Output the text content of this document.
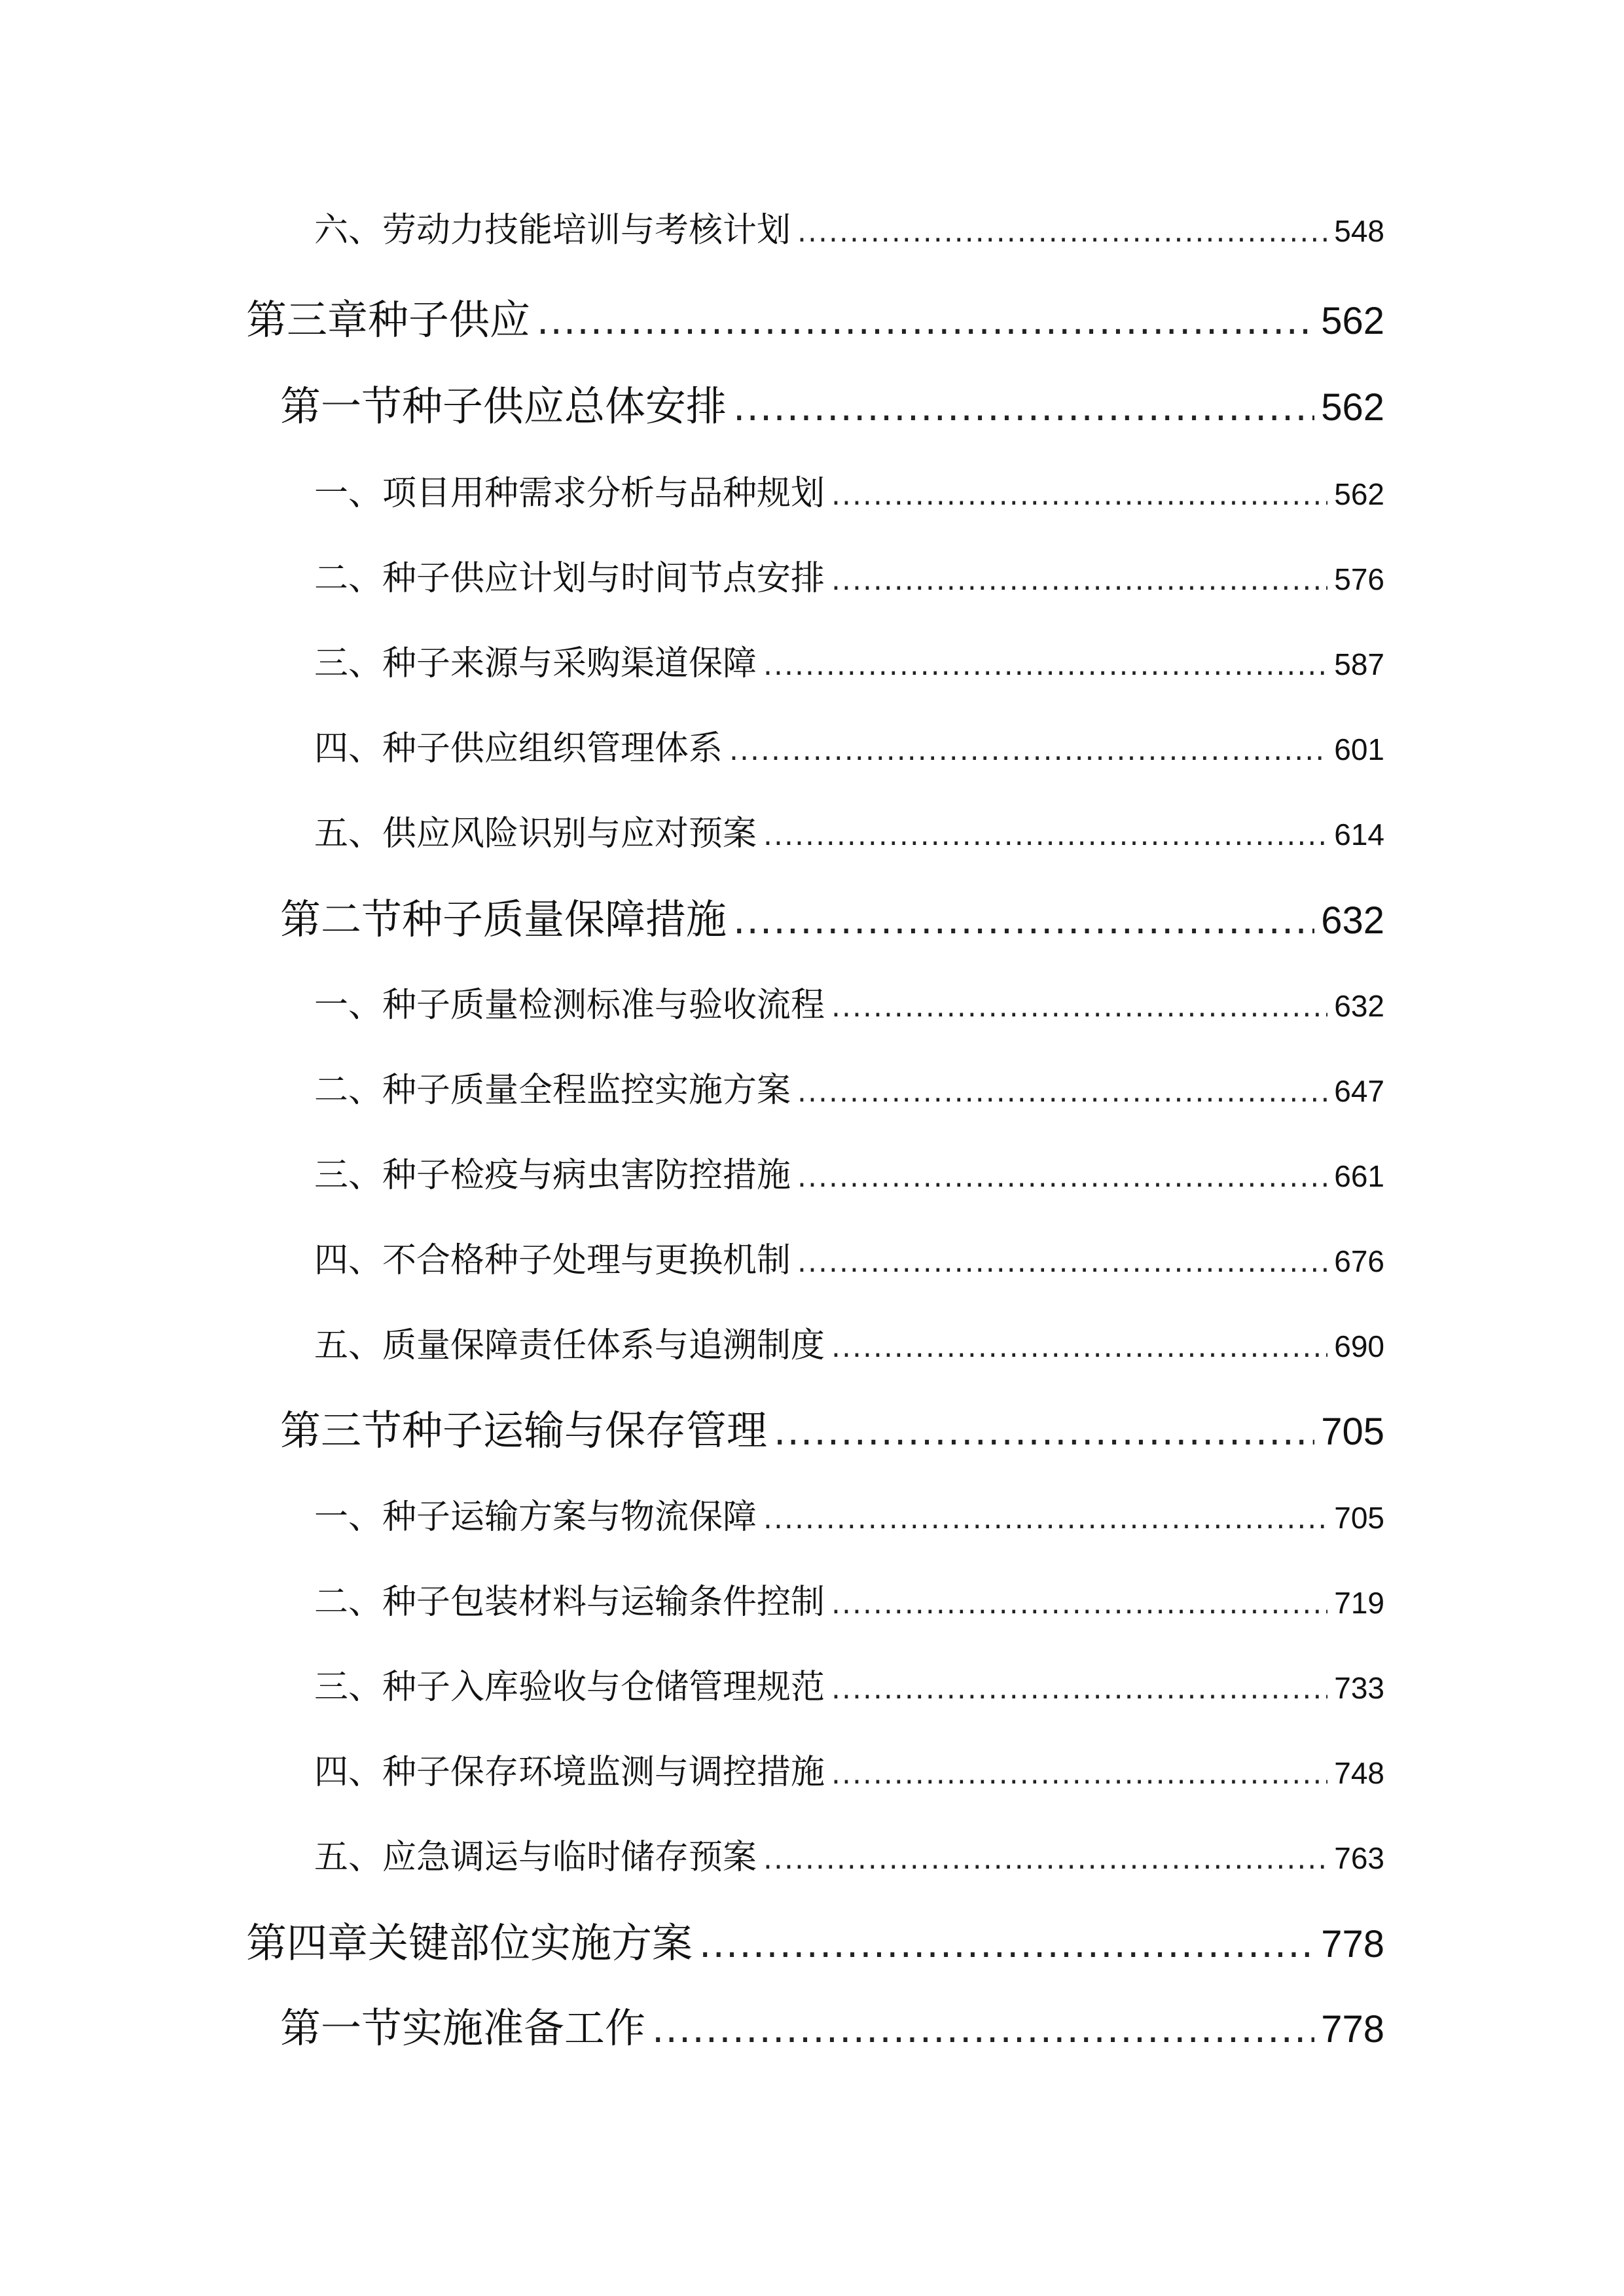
六、劳动力技能培训与考核计划 .....	548
第三章种子供应 .....	562
第一节种子供应总体安排 .....	562
一、项目用种需求分析与品种规划 .....	562
二、种子供应计划与时间节点安排 .....	576
三、种子来源与采购渠道保障 .....	587
四、种子供应组织管理体系 .....	601
五、供应风险识别与应对预案 .....	614
第二节种子质量保障措施 .....	632
一、种子质量检测标准与验收流程 .....	632
二、种子质量全程监控实施方案 .....	647
三、种子检疫与病虫害防控措施 .....	661
四、不合格种子处理与更换机制 .....	676
五、质量保障责任体系与追溯制度 .....	690
第三节种子运输与保存管理 .....	705
一、种子运输方案与物流保障 .....	705
二、种子包装材料与运输条件控制 .....	719
三、种子入库验收与仓储管理规范 .....	733
四、种子保存环境监测与调控措施 .....	748
五、应急调运与临时储存预案 .....	763
第四章关键部位实施方案 .....	778
第一节实施准备工作 .....	778
